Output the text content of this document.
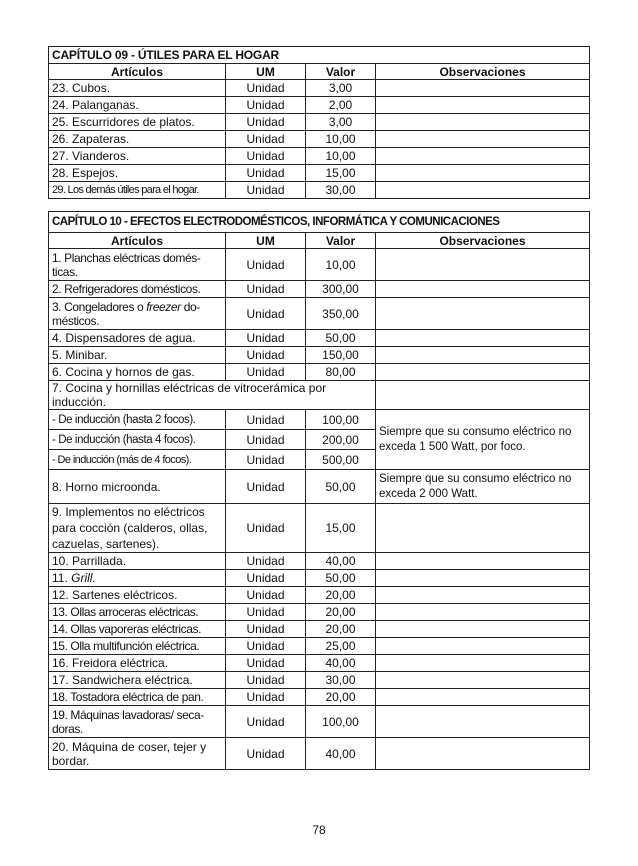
CAPÍTULO 09 - ÚTILES PARA EL HOGAR			
Artículos	UM	Valor	Observaciones
23. Cubos.	Unidad	3,00	
24. Palanganas.	Unidad	2,00	
25. Escurridores de platos.	Unidad	3,00	
26. Zapateras.	Unidad	10,00	
27. Vianderos.	Unidad	10,00	
28. Espejos.	Unidad	15,00	
29. Los demás útiles para el hogar.	Unidad	30,00	
CAPÍTULO 10 - EFECTOS ELECTRODOMÉSTICOS, INFORMÁTICA Y COMUNICACIONES			
Artículos	UM	Valor	Observaciones
1. Planchas eléctricas domés-ticas.	Unidad	10,00	
2. Refrigeradores domésticos.	Unidad	300,00	
3. Congeladores o freezer do-mésticos.	Unidad	350,00	
4. Dispensadores de agua.	Unidad	50,00	
5. Minibar.	Unidad	150,00	
6. Cocina y hornos de gas.	Unidad	80,00	
7. Cocina y hornillas eléctricas de vitrocerámica por inducción.			
- De inducción (hasta 2 focos).	Unidad	100,00	Siempre que su consumo eléctrico no exceda 1 500 Watt, por foco.
- De inducción (hasta 4 focos).	Unidad	200,00	
- De inducción (más de 4 focos).	Unidad	500,00	
8. Horno microonda.	Unidad	50,00	Siempre que su consumo eléctrico no exceda 2 000 Watt.
9. Implementos no eléctricos para cocción (calderos, ollas, cazuelas, sartenes).	Unidad	15,00	
10. Parrillada.	Unidad	40,00	
11. Grill.	Unidad	50,00	
12. Sartenes eléctricos.	Unidad	20,00	
13. Ollas arroceras eléctricas.	Unidad	20,00	
14. Ollas vaporeras eléctricas.	Unidad	20,00	
15. Olla multifunción eléctrica.	Unidad	25,00	
16. Freidora eléctrica.	Unidad	40,00	
17. Sandwichera eléctrica.	Unidad	30,00	
18. Tostadora eléctrica de pan.	Unidad	20,00	
19. Máquinas lavadoras/ seca-doras.	Unidad	100,00	
20. Máquina de coser, tejer y bordar.	Unidad	40,00	
78
